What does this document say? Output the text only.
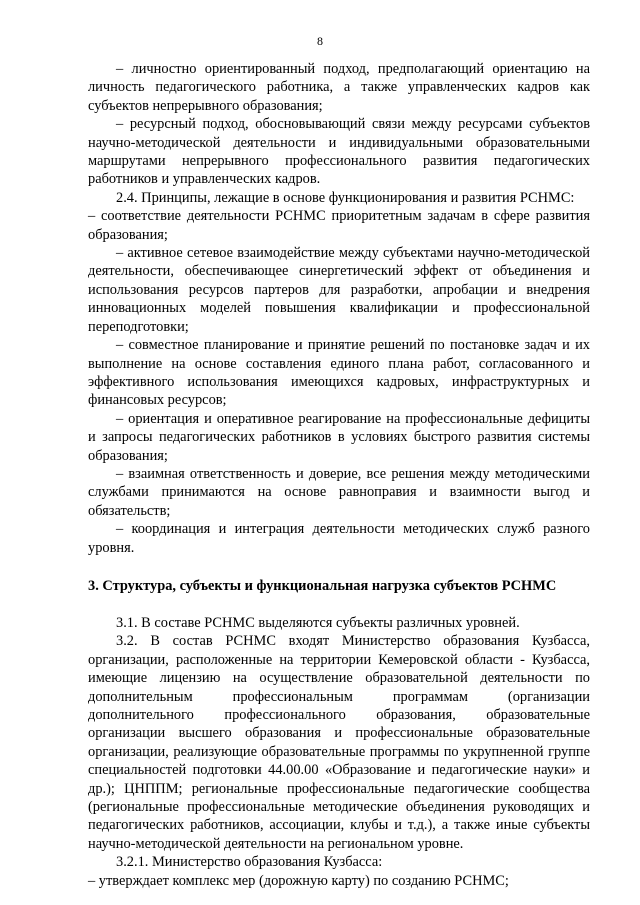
8

– личностно ориентированный подход, предполагающий ориентацию на личность педагогического работника, а также управленческих кадров как субъектов непрерывного образования;

– ресурсный подход, обосновывающий связи между ресурсами субъектов научно-методической деятельности и индивидуальными образовательными маршрутами непрерывного профессионального развития педагогических работников и управленческих кадров.

2.4. Принципы, лежащие в основе функционирования и развития РСНМС:

– соответствие деятельности РСНМС приоритетным задачам в сфере развития образования;

– активное сетевое взаимодействие между субъектами научно-методической деятельности, обеспечивающее синергетический эффект от объединения и использования ресурсов партеров для разработки, апробации и внедрения инновационных моделей повышения квалификации и профессиональной переподготовки;

– совместное планирование и принятие решений по постановке задач и их выполнение на основе составления единого плана работ, согласованного и эффективного использования имеющихся кадровых, инфраструктурных и финансовых ресурсов;

– ориентация и оперативное реагирование на профессиональные дефициты и запросы педагогических работников в условиях быстрого развития системы образования;

– взаимная ответственность и доверие, все решения между методическими службами принимаются на основе равноправия и взаимности выгод и обязательств;

– координация и интеграция деятельности методических служб разного уровня.

3. Структура, субъекты и функциональная нагрузка субъектов РСНМС

3.1. В составе РСНМС выделяются субъекты различных уровней.

3.2. В состав РСНМС входят Министерство образования Кузбасса, организации, расположенные на территории Кемеровской области - Кузбасса, имеющие лицензию на осуществление образовательной деятельности по дополнительным профессиональным программам (организации дополнительного профессионального образования, образовательные организации высшего образования и профессиональные образовательные организации, реализующие образовательные программы по укрупненной группе специальностей подготовки 44.00.00 «Образование и педагогические науки» и др.); ЦНППМ; региональные профессиональные педагогические сообщества (региональные профессиональные методические объединения руководящих и педагогических работников, ассоциации, клубы и т.д.), а также иные субъекты научно-методической деятельности на региональном уровне.

3.2.1. Министерство образования Кузбасса:

– утверждает комплекс мер (дорожную карту) по созданию РСНМС;
